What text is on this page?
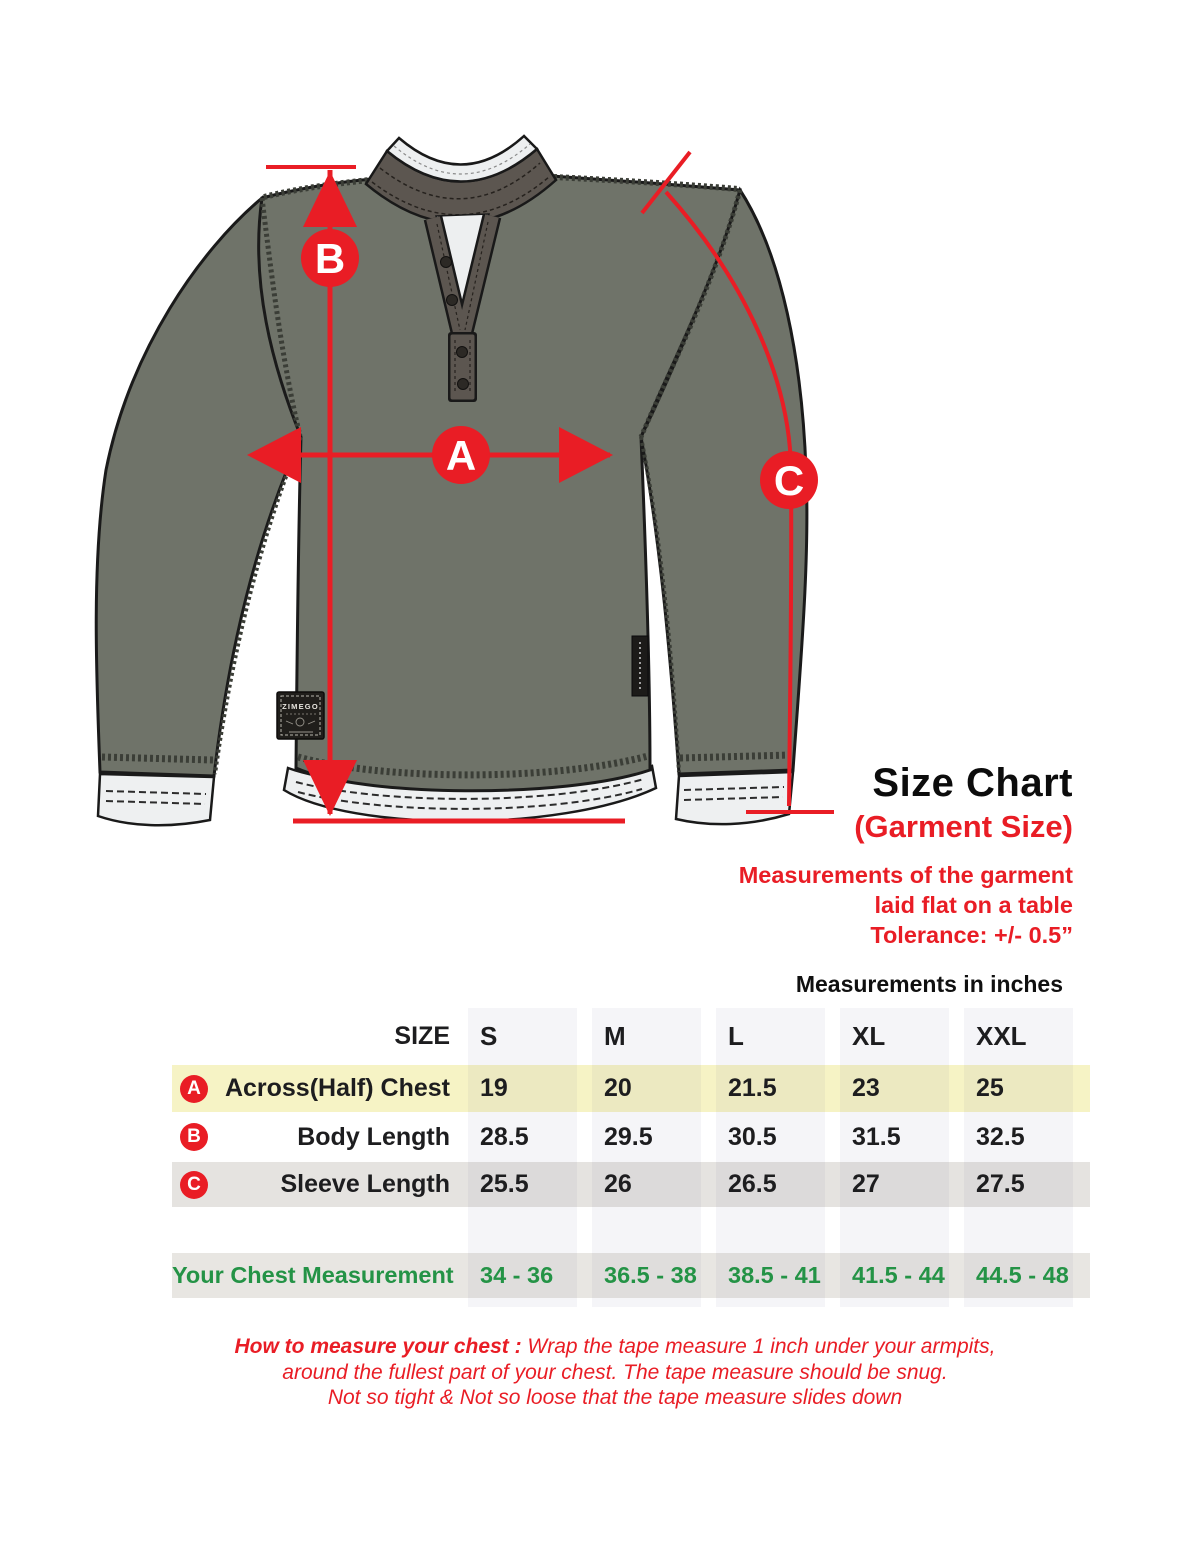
ZIMEGO
B
A
C
Size Chart
(Garment Size)
Measurements of the garment
laid flat on a table
Tolerance: +/- 0.5”
Measurements in inches
SIZE S	M	L	XL	XXL
A Across(Half) Chest 19	20	21.5	23	25
B	Body Length 28.5	29.5	30.5	31.5	32.5
C	Sleeve Length 25.5	26	26.5	27	27.5
Your Chest Measurement 34 - 36	36.5 - 38	38.5 - 41	41.5 - 44	44.5 - 48
How to measure your chest : Wrap the tape measure 1 inch under your armpits,
around the fullest part of your chest. The tape measure should be snug.
Not so tight & Not so loose that the tape measure slides down
